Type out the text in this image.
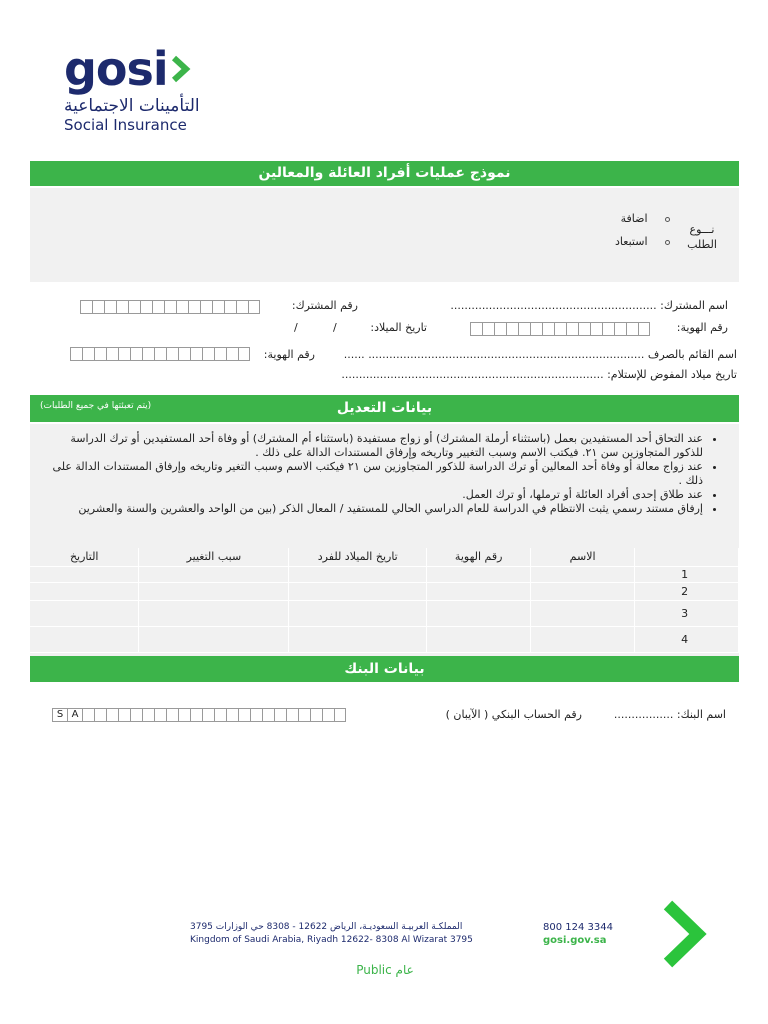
gosi
التأمينات الاجتماعية
Social Insurance
نموذج عمليات أفراد العائلة والمعالين
نـــوع الطلب
اضافة
استبعاد
اسم المشترك: ...........................................................
رقم المشترك:
رقم الهوية:
تاريخ الميلاد:
/
/
اسم القائم بالصرف ............................................................................... ......
رقم الهوية:
تاريخ ميلاد المفوض للإستلام: ...........................................................................
بيانات التعديل
(يتم تعبئتها في جميع الطلبات)
• عند التحاق أحد المستفيدين بعمل (باستثناء أرملة المشترك) أو زواج مستفيدة (باستثناء أم المشترك) أو وفاة أحد المستفيدين أو ترك الدراسة للذكور المتجاوزين سن ٢١. فيكتب الاسم وسبب التغيير وتاريخه وإرفاق المستندات الدالة على ذلك .
• عند زواج معالة أو وفاة أحد المعالين أو ترك الدراسة للذكور المتجاوزين سن ٢١ فيكتب الاسم وسبب التغير وتاريخه وإرفاق المستندات الدالة على ذلك .
• عند طلاق إحدى أفراد العائلة أو ترملها، أو ترك العمل.
• إرفاق مستند رسمي يثبت الانتظام في الدراسة للعام الدراسي الحالي للمستفيد / المعال الذكر (بين من الواحد والعشرين والسنة والعشرين
	الاسم	رقم الهوية	تاريخ الميلاد للفرد	سبب التغيير	التاريخ
1					
2					
3					
4					
بيانات البنك
اسم البنك: .................
رقم الحساب البنكي ( الآيبان )
S A
المملكـة العربيـة السعوديـة، الرياض 12622 - 8308 حي الوزارات 3795
Kingdom of Saudi Arabia, Riyadh 12622- 8308 Al Wizarat 3795
800 124 3344
gosi.gov.sa
Public عام
